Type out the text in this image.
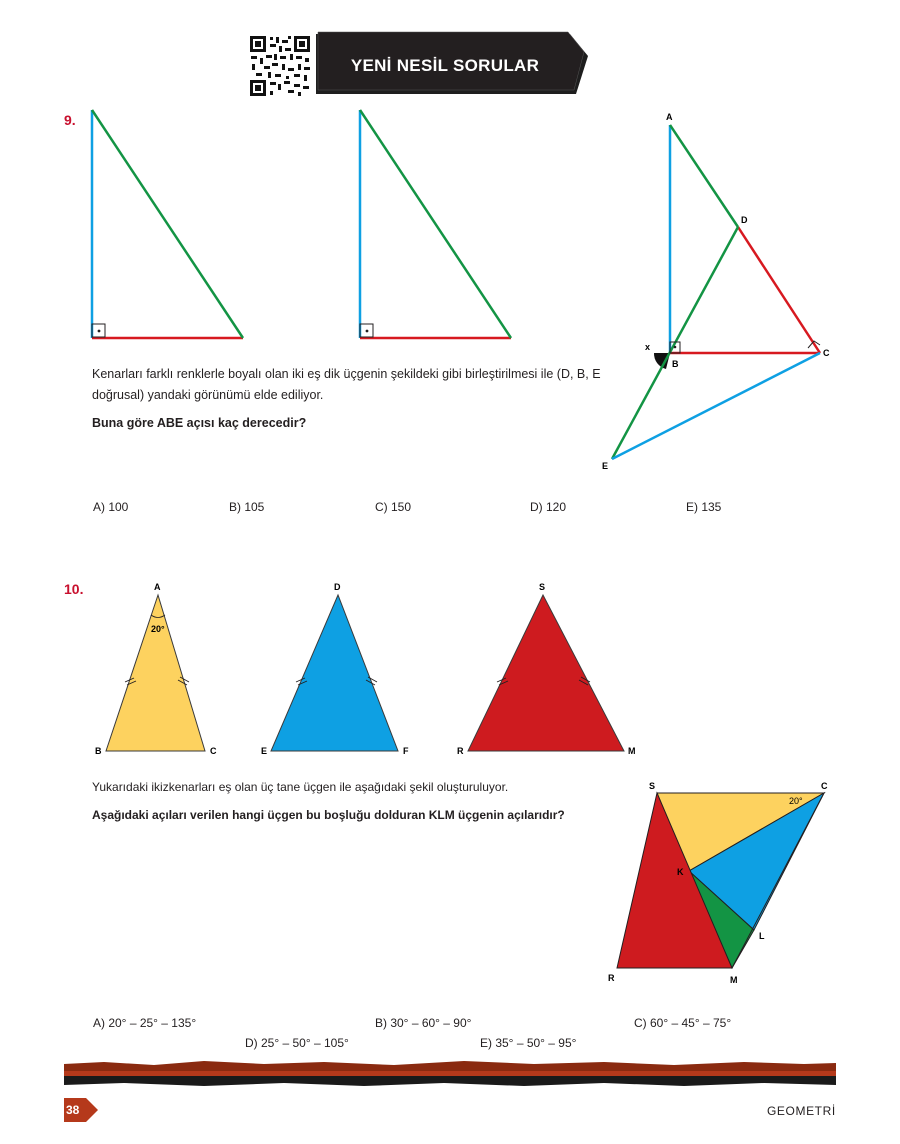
YENİ NESİL SORULAR
9.	A
D
B
C
E
x
Kenarları farklı renklerle boyalı olan iki eş dik üçgenin şekildeki gibi birleştirilmesi ile (D, B, E doğrusal) yandaki görünümü elde ediliyor.
Buna göre ABE açısı kaç derecedir?
A) 100	B) 105	C) 150	D) 120	E) 135
10.	A
B	C
20°
D
E	F
S
R	M
Yukarıdaki ikizkenarları eş olan üç tane üçgen ile aşağıdaki şekil oluşturuluyor.
Aşağıdaki açıları verilen hangi üçgen bu boşluğu dolduran KLM üçgenin açılarıdır?
S	C
K
L
R	M
20°
A) 20° – 25° – 135°	B) 30° – 60° – 90°	C) 60° – 45° – 75°
D) 25° – 50° – 105°	E) 35° – 50° – 95°
38	GEOMETRİ
